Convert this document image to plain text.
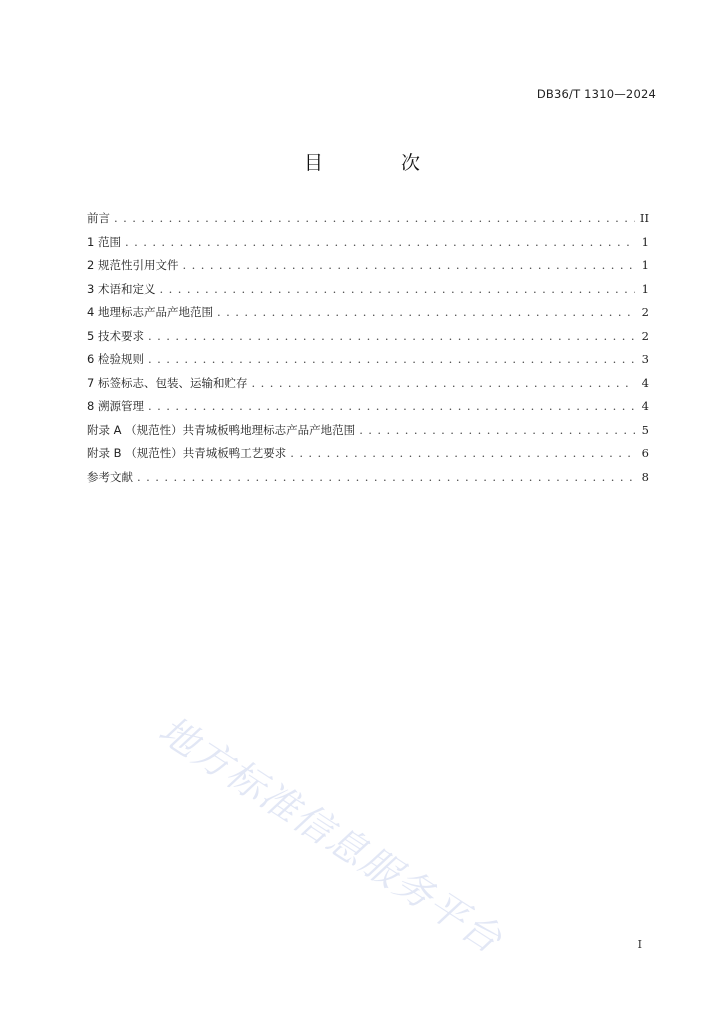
DB36/T 1310—2024
目 次
前言 . . .	II
1 范围 . . .	1
2 规范性引用文件 . . .	1
3 术语和定义 . . .	1
4 地理标志产品产地范围 . . .	2
5 技术要求 . . .	2
6 检验规则 . . .	3
7 标签标志、包装、运输和贮存 . . .	4
8 溯源管理 . . .	4
附录 A （规范性）共青城板鸭地理标志产品产地范围 . . .	5
附录 B （规范性）共青城板鸭工艺要求 . . .	6
参考文献 . . .	8
地方标准信息服务平台	I
